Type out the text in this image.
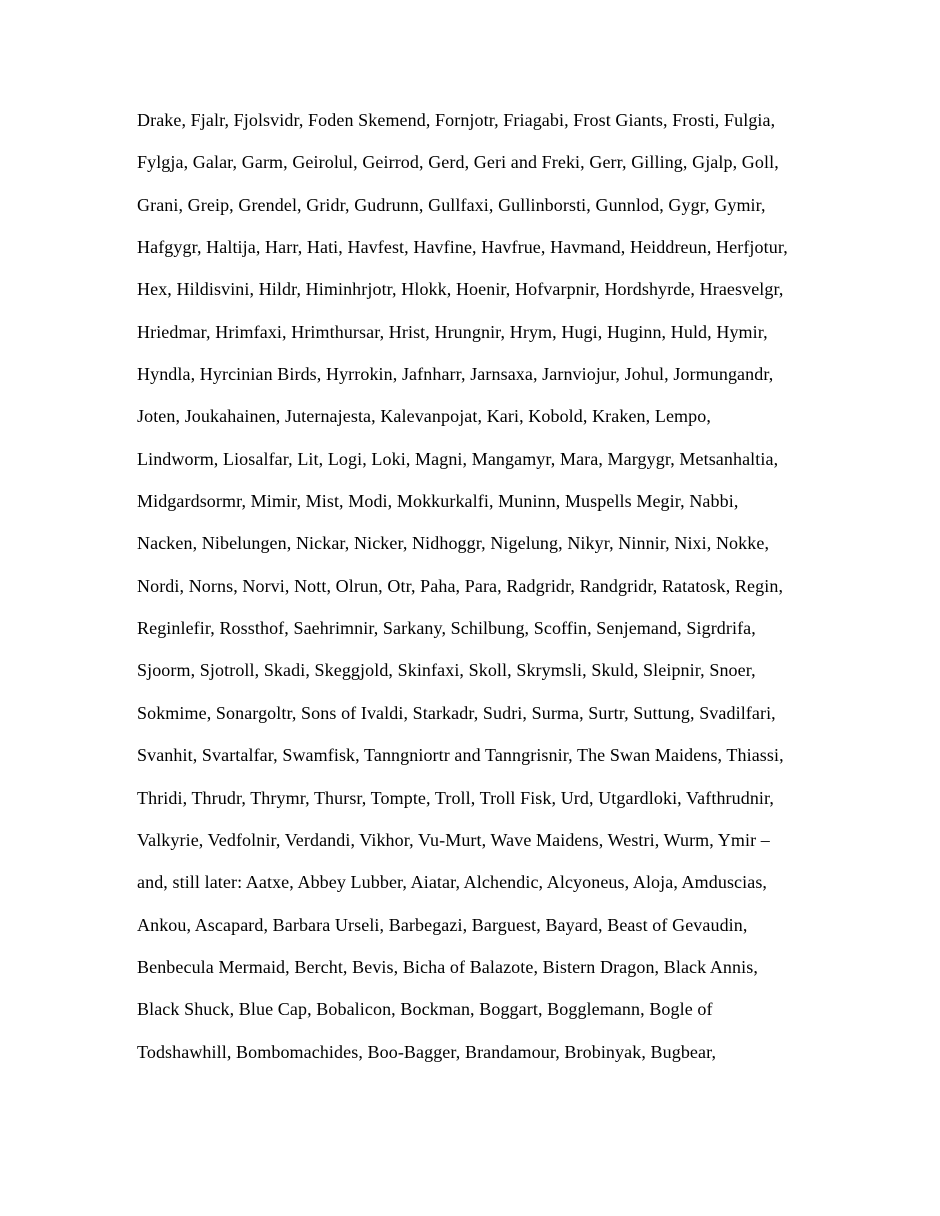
Drake, Fjalr, Fjolsvidr, Foden Skemend, Fornjotr, Friagabi, Frost Giants, Frosti, Fulgia,
Fylgja, Galar, Garm, Geirolul, Geirrod, Gerd, Geri and Freki, Gerr, Gilling, Gjalp, Goll,
Grani, Greip, Grendel, Gridr, Gudrunn, Gullfaxi, Gullinborsti, Gunnlod, Gygr, Gymir,
Hafgygr, Haltija, Harr, Hati, Havfest, Havfine, Havfrue, Havmand, Heiddreun, Herfjotur,
Hex, Hildisvini, Hildr, Himinhrjotr, Hlokk, Hoenir, Hofvarpnir, Hordshyrde, Hraesvelgr,
Hriedmar, Hrimfaxi, Hrimthursar, Hrist, Hrungnir, Hrym, Hugi, Huginn, Huld, Hymir,
Hyndla, Hyrcinian Birds, Hyrrokin, Jafnharr, Jarnsaxa, Jarnviojur, Johul, Jormungandr,
Joten, Joukahainen, Juternajesta, Kalevanpojat, Kari, Kobold, Kraken, Lempo,
Lindworm, Liosalfar, Lit, Logi, Loki, Magni, Mangamyr, Mara, Margygr, Metsanhaltia,
Midgardsormr, Mimir, Mist, Modi, Mokkurkalfi, Muninn, Muspells Megir, Nabbi,
Nacken, Nibelungen, Nickar, Nicker, Nidhoggr, Nigelung, Nikyr, Ninnir, Nixi, Nokke,
Nordi, Norns, Norvi, Nott, Olrun, Otr, Paha, Para, Radgridr, Randgridr, Ratatosk, Regin,
Reginlefir, Rossthof, Saehrimnir, Sarkany, Schilbung, Scoffin, Senjemand, Sigrdrifa,
Sjoorm, Sjotroll, Skadi, Skeggjold, Skinfaxi, Skoll, Skrymsli, Skuld, Sleipnir, Snoer,
Sokmime, Sonargoltr, Sons of Ivaldi, Starkadr, Sudri, Surma, Surtr, Suttung, Svadilfari,
Svanhit, Svartalfar, Swamfisk, Tanngniortr and Tanngrisnir, The Swan Maidens, Thiassi,
Thridi, Thrudr, Thrymr, Thursr, Tompte, Troll, Troll Fisk, Urd, Utgardloki, Vafthrudnir,
Valkyrie, Vedfolnir, Verdandi, Vikhor, Vu-Murt, Wave Maidens, Westri, Wurm, Ymir –
and, still later: Aatxe, Abbey Lubber, Aiatar, Alchendic, Alcyoneus, Aloja, Amduscias,
Ankou, Ascapard, Barbara Urseli, Barbegazi, Barguest, Bayard, Beast of Gevaudin,
Benbecula Mermaid, Bercht, Bevis, Bicha of Balazote, Bistern Dragon, Black Annis,
Black Shuck, Blue Cap, Bobalicon, Bockman, Boggart, Bogglemann, Bogle of
Todshawhill, Bombomachides, Boo-Bagger, Brandamour, Brobinyak, Bugbear,
